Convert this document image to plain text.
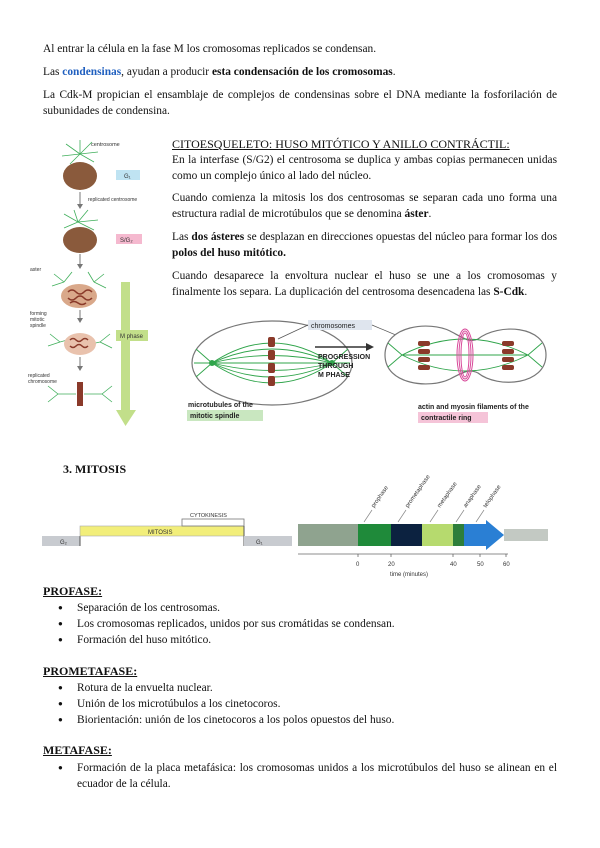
Al entrar la célula en la fase M los cromosomas replicados se condensan.

Las condensinas, ayudan a producir esta condensación de los cromosomas.

La Cdk-M propician el ensamblaje de complejos de condensinas sobre el DNA mediante la fosforilación de subunidades de condensina.

CITOESQUELETO: HUSO MITÓTICO Y ANILLO CONTRÁCTIL:

En la interfase (S/G2) el centrosoma se duplica y ambas copias permanecen unidas como un complejo único al lado del núcleo.

Cuando comienza la mitosis los dos centrosomas se separan cada uno forma una estructura radial de microtúbulos que se denomina áster.

Las dos ásteres se desplazan en direcciones opuestas del núcleo para formar los dos polos del huso mitótico.

Cuando desaparece la envoltura nuclear el huso se une a los cromosomas y finalmente los separa. La duplicación del centrosoma desencadena las S-Cdk.

M phase
centrosome
G₁
replicated centrosome
S/G₂
aster
forming mitotic spindle
replicated chromosome
chromosomes
PROGRESSION THROUGH M PHASE
microtubules of the
mitotic spindle
actin and myosin filaments of the
contractile ring

3. MITOSIS

G₂
MITOSIS
CYTOKINESIS
G₁
0	20	40	50	60
time (minutes)
prophase prometaphase metaphase anaphase telophase
PROFASE:
● Separación de los centrosomas.
● Los cromosomas replicados, unidos por sus cromátidas se condensan.
● Formación del huso mitótico.
PROMETAFASE:
● Rotura de la envuelta nuclear.
● Unión de los microtúbulos a los cinetocoros.
● Biorientación: unión de los cinetocoros a los polos opuestos del huso.
METAFASE:
● Formación de la placa metafásica: los cromosomas unidos a los microtúbulos del huso se alinean en el ecuador de la célula.
